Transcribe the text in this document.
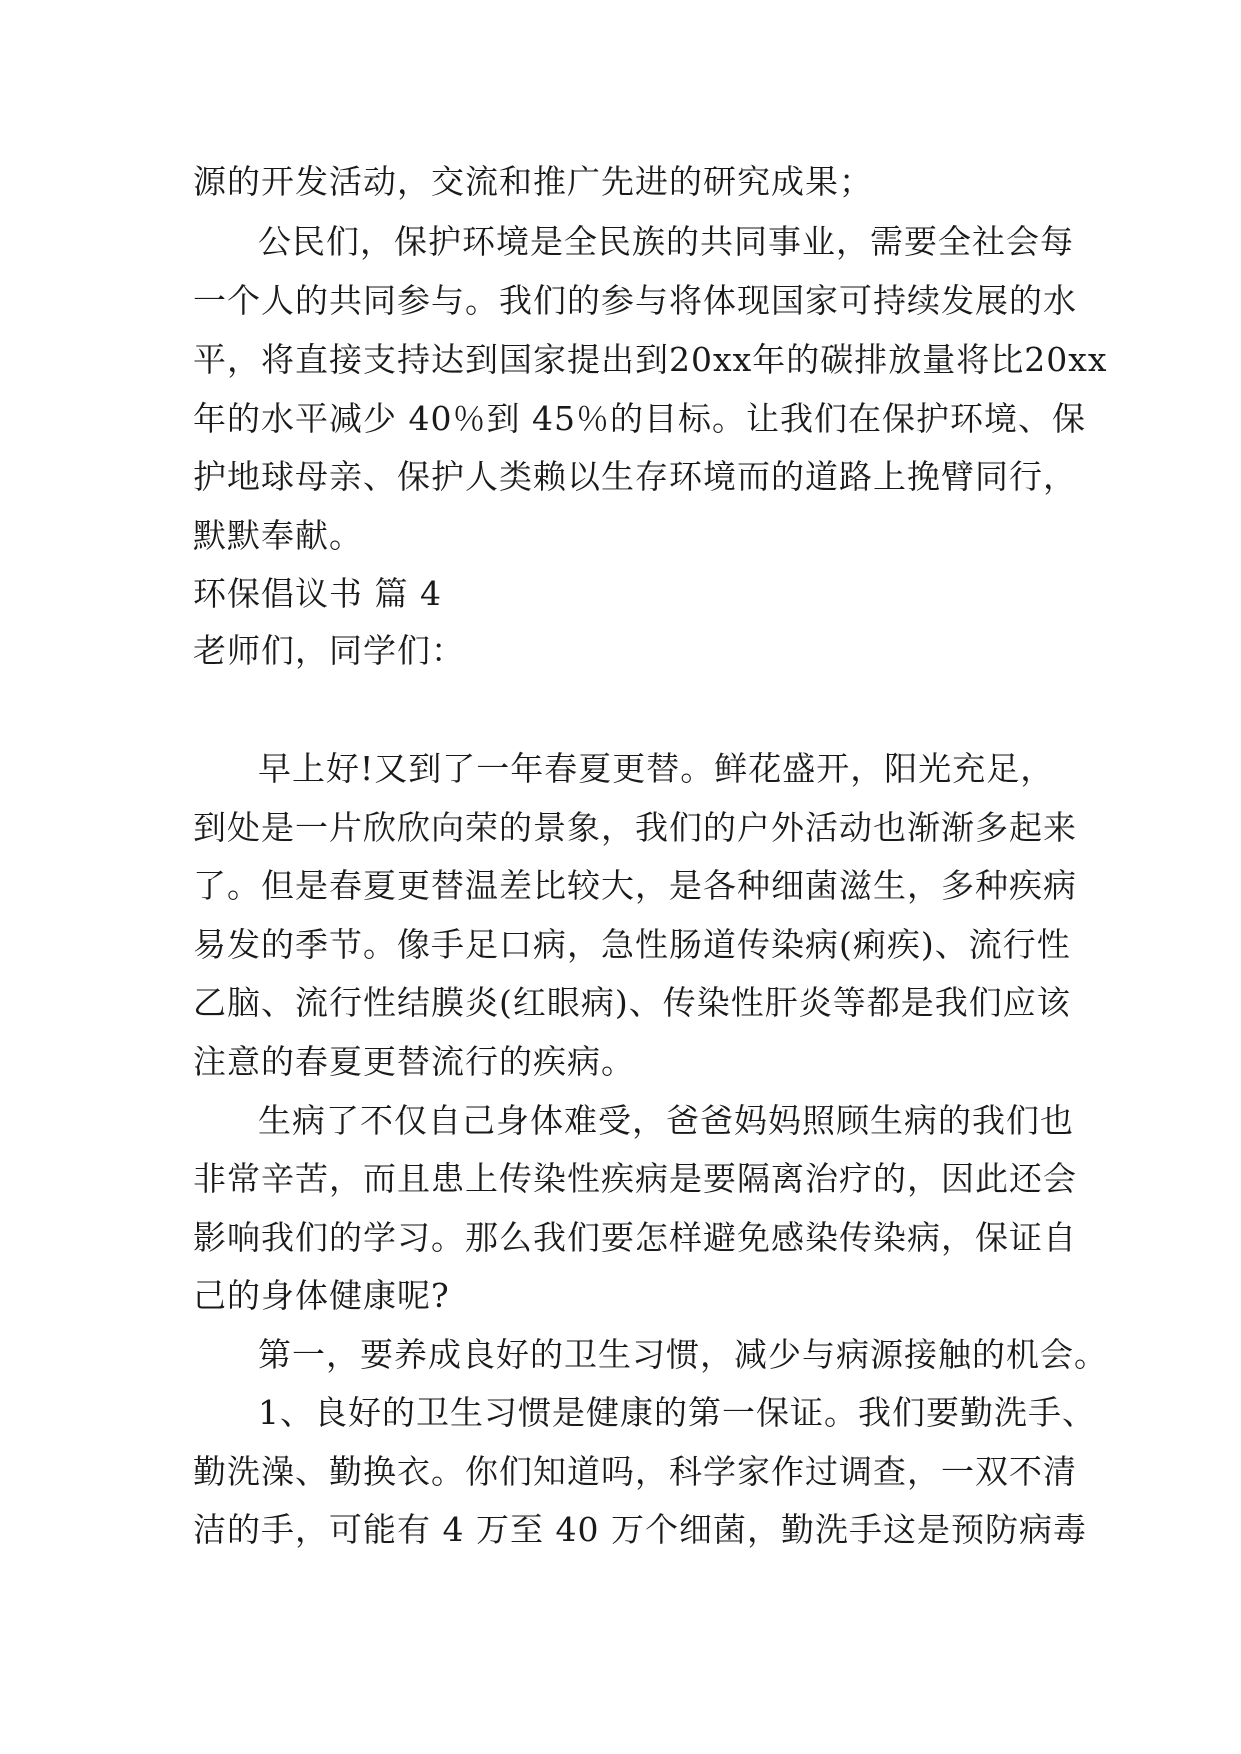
源的开发活动，交流和推广先进的研究成果；
公民们，保护环境是全民族的共同事业，需要全社会每
一个人的共同参与。我们的参与将体现国家可持续发展的水
平，将直接支持达到国家提出到20xx年的碳排放量将比20xx
年的水平减少 40％到 45％的目标。让我们在保护环境、保
护地球母亲、保护人类赖以生存环境而的道路上挽臂同行，
默默奉献。
环保倡议书 篇 4
老师们，同学们：
早上好!又到了一年春夏更替。鲜花盛开，阳光充足，
到处是一片欣欣向荣的景象，我们的户外活动也渐渐多起来
了。但是春夏更替温差比较大，是各种细菌滋生，多种疾病
易发的季节。像手足口病，急性肠道传染病(痢疾)、流行性
乙脑、流行性结膜炎(红眼病)、传染性肝炎等都是我们应该
注意的春夏更替流行的疾病。
生病了不仅自己身体难受，爸爸妈妈照顾生病的我们也
非常辛苦，而且患上传染性疾病是要隔离治疗的，因此还会
影响我们的学习。那么我们要怎样避免感染传染病，保证自
己的身体健康呢?
第一，要养成良好的卫生习惯，减少与病源接触的机会。
1、良好的卫生习惯是健康的第一保证。我们要勤洗手、
勤洗澡、勤换衣。你们知道吗，科学家作过调查，一双不清
洁的手，可能有 4 万至 40 万个细菌，勤洗手这是预防病毒
